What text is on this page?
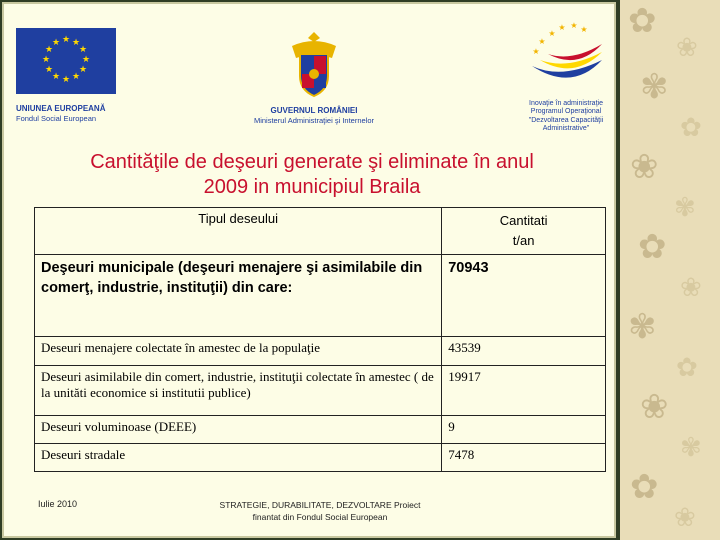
★ ★
★
★
★
★
★
★
★
★
★
★
UNIUNEA EUROPEANĂ
Fondul Social European
GUVERNUL ROMÂNIEI
Ministerul Administraţiei şi Internelor
★
★ ★ ★
★
★
Inovaţie în administraţie
Programul Operaţional
"Dezvoltarea Capacităţii
Administrative"
Cantităţile de deşeuri generate şi eliminate în anul
2009 in municipiul Braila
Tipul deseului	Cantitati
t/an

Deşeuri municipale (deşeuri menajere şi asimilabile din comerţ, industrie, instituţii) din care:	70943
Deseuri menajere colectate în amestec de la populaţie	43539
Deseuri asimilabile din comert, industrie, instituţii colectate în amestec ( de la unităti economice si institutii publice)	19917
Deseuri voluminoase (DEEE)	9
Deseuri stradale	7478
Iulie 2010	STRATEGIE, DURABILITATE, DEZVOLTARE Proiect
finantat din Fondul Social European
✿
❀
✾
✿
❀
✾
✿
❀
✾
✿
❀
✾
✿
❀
